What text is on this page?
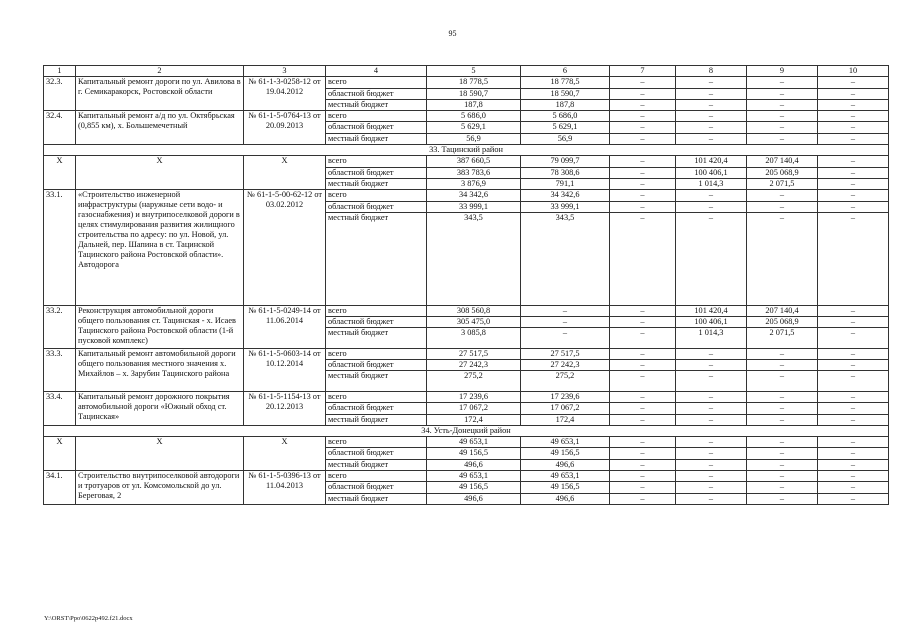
95
1	2	3	4	5	6	7	8	9	10
32.3.	Капитальный ремонт дороги по ул. Авилова в г. Семикаракорск, Ростовской области	№ 61-1-3-0258-12 от 19.04.2012	всего	18 778,5	18 778,5	–	–	–	–
			областной бюджет	18 590,7	18 590,7	–	–	–	–
			местный бюджет	187,8	187,8	–	–	–	–

32.4.	Капитальный ремонт а/д по ул. Октябрьская (0,855 км), х. Большемечетный	№ 61-1-5-0764-13 от 20.09.2013	всего	5 686,0	5 686,0	–	–	–	–
			областной бюджет	5 629,1	5 629,1	–	–	–	–
			местный бюджет	56,9	56,9	–	–	–	–
33. Тацинский район									
X	X	X	всего	387 660,5	79 099,7	–	101 420,4	207 140,4	–
			областной бюджет	383 783,6	78 308,6	–	100 406,1	205 068,9	–
			местный бюджет	3 876,9	791,1	–	1 014,3	2 071,5	–
33.1.	«Строительство инженерной инфраструктуры (наружные сети водо- и газоснабжения) и внутрипоселковой дороги в целях стимулирования развития жилищного строительства по адресу: по ул. Новой, ул. Дальней, пер. Шапина в ст. Тацинской Тацинского района Ростовской области». Автодорога	№ 61-1-5-00-62-12 от 03.02.2012	всего	34 342,6	34 342,6	–	–	–	–
			областной бюджет	33 999,1	33 999,1	–	–	–	–
			местный бюджет	343,5	343,5	–	–	–	–

33.2.	Реконструкция автомобильной дороги общего пользования ст. Тацинская - х. Исаев Тацинского района Ростовской области (1-й пусковой комплекс)	№ 61-1-5-0249-14 от 11.06.2014	всего	308 560,8	–	–	101 420,4	207 140,4	–
			областной бюджет	305 475,0	–	–	100 406,1	205 068,9	–
			местный бюджет	3 085,8	–	–	1 014,3	2 071,5	–

33.3.	Капитальный ремонт автомобильной дороги общего пользования местного значения х. Михайлов – х. Зарубин Тацинского района	№ 61-1-5-0603-14 от 10.12.2014	всего	27 517,5	27 517,5	–	–	–	–
			областной бюджет	27 242,3	27 242,3	–	–	–	–
			местный бюджет	275,2	275,2	–	–	–	–

33.4.	Капитальный ремонт дорожного покрытия автомобильной дороги «Южный обход ст. Тацинская»	№ 61-1-5-1154-13 от 20.12.2013	всего	17 239,6	17 239,6	–	–	–	–
			областной бюджет	17 067,2	17 067,2	–	–	–	–
			местный бюджет	172,4	172,4	–	–	–	–
34. Усть-Донецкий район									
X	X	X	всего	49 653,1	49 653,1	–	–	–	–
			областной бюджет	49 156,5	49 156,5	–	–	–	–
			местный бюджет	496,6	496,6	–	–	–	–
34.1.	Строительство внутрипоселковой автодороги и тротуаров от ул. Комсомольской до ул. Береговая, 2	№ 61-1-5-0396-13 от 11.04.2013	всего	49 653,1	49 653,1	–	–	–	–
			областной бюджет	49 156,5	49 156,5	–	–	–	–
			местный бюджет	496,6	496,6	–	–	–	–

Y:\ORST\Ppo\0622p492.f21.docx
